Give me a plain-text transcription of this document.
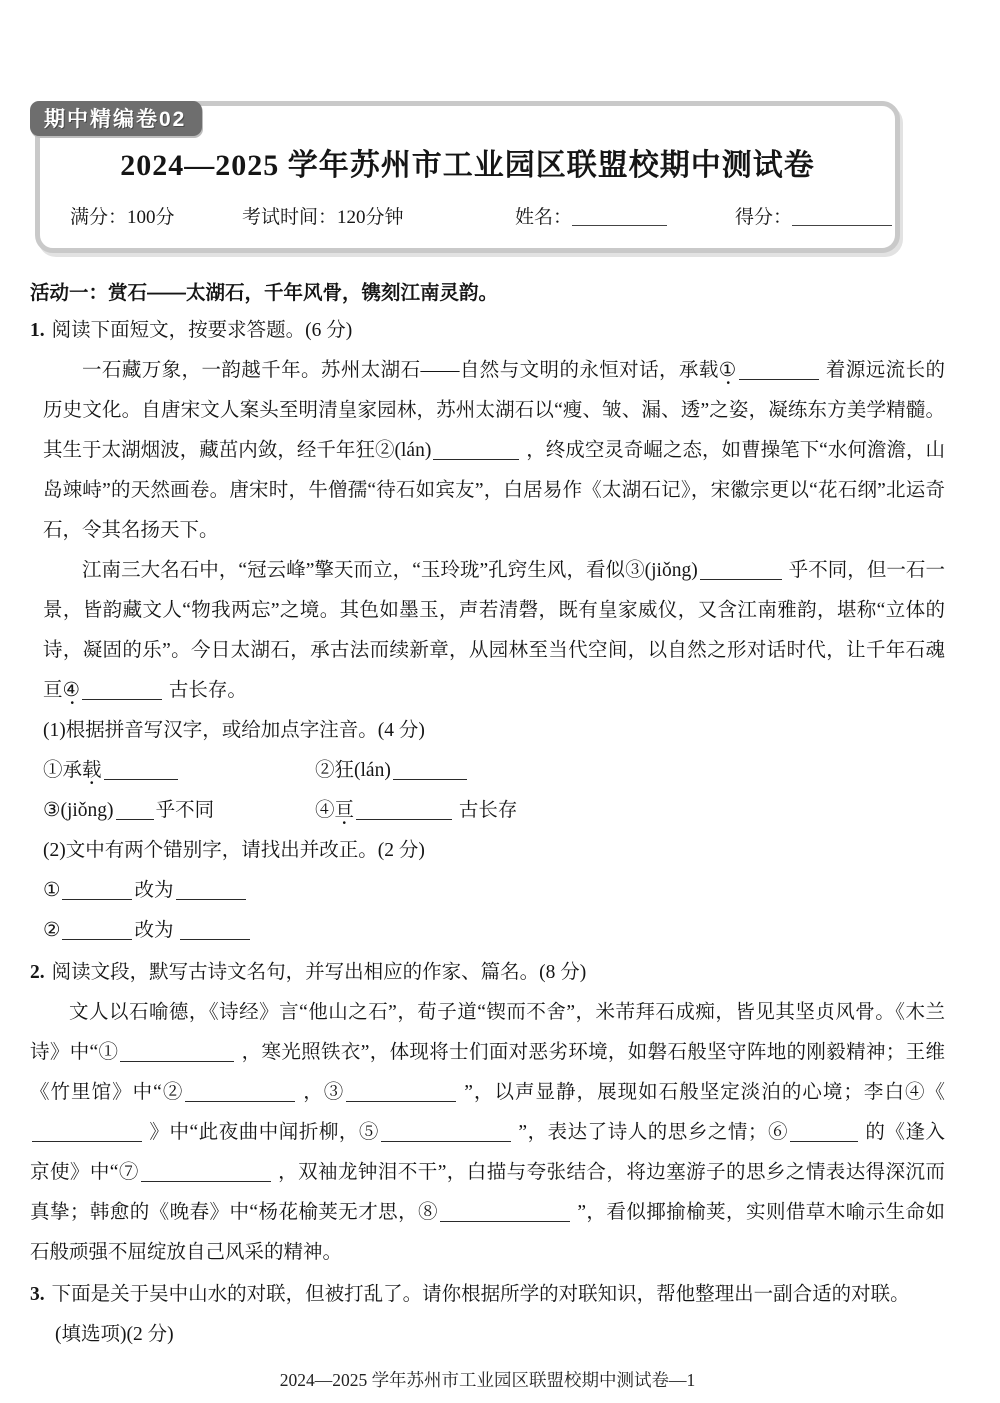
期中精编卷02
2024—2025 学年苏州市工业园区联盟校期中测试卷
满分：100分	考试时间：120分钟	姓名：	得分：
活动一：赏石——太湖石，千年风骨，镌刻江南灵韵。
1. 阅读下面短文，按要求答题。(6 分)
一石藏万象，一韵越千年。苏州太湖石——自然与文明的永恒对话，承载①	着源远流长的历史文化。自唐宋文人案头至明清皇家园林，苏州太湖石以“瘦、皱、漏、透”之姿，凝练东方美学精髓。其生于太湖烟波，藏茁内敛，经千年狂②(lán)	，终成空灵奇崛之态，如曹操笔下“水何澹澹，山岛竦峙”的天然画卷。唐宋时，牛僧孺“待石如宾友”，白居易作《太湖石记》，宋徽宗更以“花石纲”北运奇石，令其名扬天下。
江南三大名石中，“冠云峰”擎天而立，“玉玲珑”孔窍生风，看似③(jiǒng)	乎不同，但一石一景，皆韵藏文人“物我两忘”之境。其色如墨玉，声若清磬，既有皇家威仪，又含江南雅韵，堪称“立体的诗，凝固的乐”。今日太湖石，承古法而续新章，从园林至当代空间，以自然之形对话时代，让千年石魂亘④	古长存。
(1)根据拼音写汉字，或给加点字注音。(4 分)
①承载	②狂(lán)
③(jiǒng) 乎不同	④亘	古长存
(2)文中有两个错别字，请找出并改正。(2 分)
①	改为
②	改为
2. 阅读文段，默写古诗文名句，并写出相应的作家、篇名。(8 分)
文人以石喻德，《诗经》言“他山之石”，荀子道“锲而不舍”，米芾拜石成痴，皆见其坚贞风骨。《木兰诗》中“①	，寒光照铁衣”，体现将士们面对恶劣环境，如磐石般坚守阵地的刚毅精神；王维《竹里馆》中“②	，③	”，以声显静，展现如石般坚定淡泊的心境；李白④《 》中“此夜曲中闻折柳，⑤	”，表达了诗人的思乡之情；⑥	的《逢入京使》中“⑦	，双袖龙钟泪不干”，白描与夸张结合，将边塞游子的思乡之情表达得深沉而真挚；韩愈的《晚春》中“杨花榆荚无才思，⑧	”，看似揶揄榆荚，实则借草木喻示生命如石般顽强不屈绽放自己风采的精神。
3. 下面是关于吴中山水的对联，但被打乱了。请你根据所学的对联知识，帮他整理出一副合适的对联。
(填选项)(2 分)
2024—2025 学年苏州市工业园区联盟校期中测试卷—1
